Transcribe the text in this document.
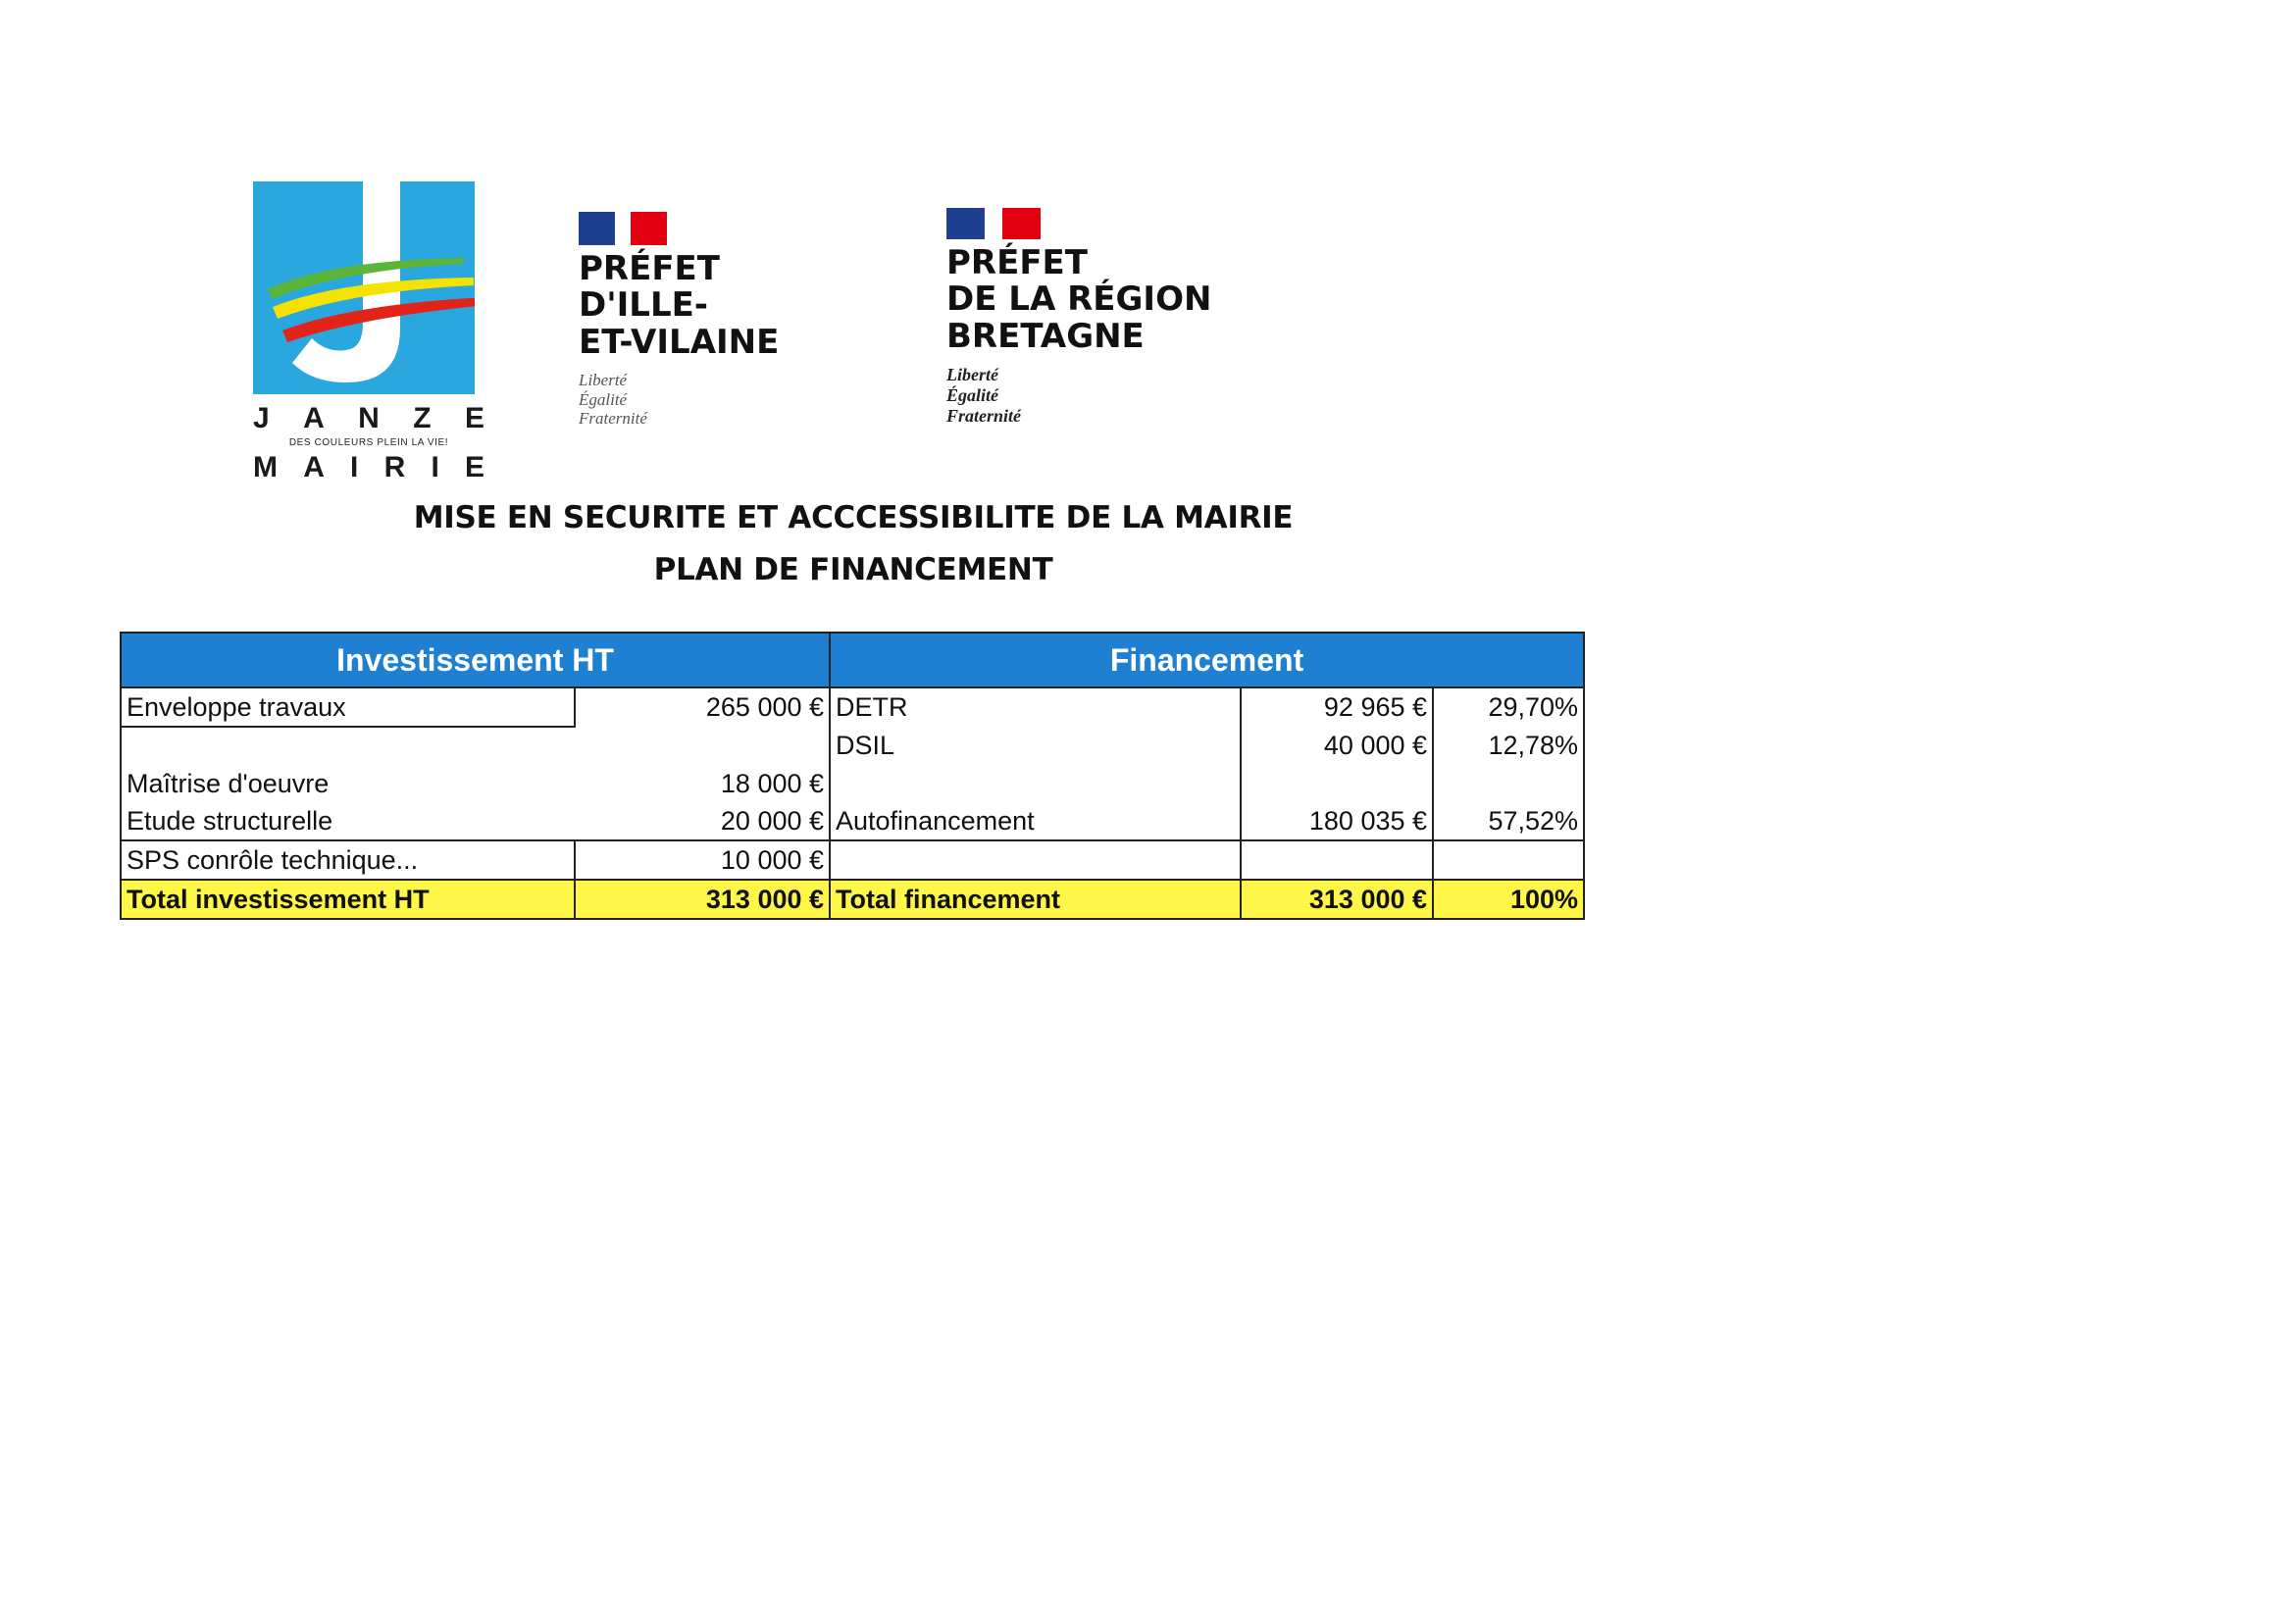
J A N Z E
DES COULEURS PLEIN LA VIE!
M A I R I E
PRÉFET
D'ILLE-
ET-VILAINE
Liberté
Égalité
Fraternité
PRÉFET
DE LA RÉGION
BRETAGNE
Liberté
Égalité
Fraternité
MISE EN SECURITE ET ACCCESSIBILITE DE LA MAIRIE
PLAN DE FINANCEMENT
Investissement HT		Financement		
Enveloppe travaux	265 000 €	DETR	92 965 €	29,70%
		DSIL	40 000 €	12,78%
Maîtrise d'oeuvre	18 000 €			
Etude structurelle	20 000 €	Autofinancement	180 035 €	57,52%
SPS conrôle technique...	10 000 €			
Total investissement HT	313 000 €	Total financement	313 000 €	100%
